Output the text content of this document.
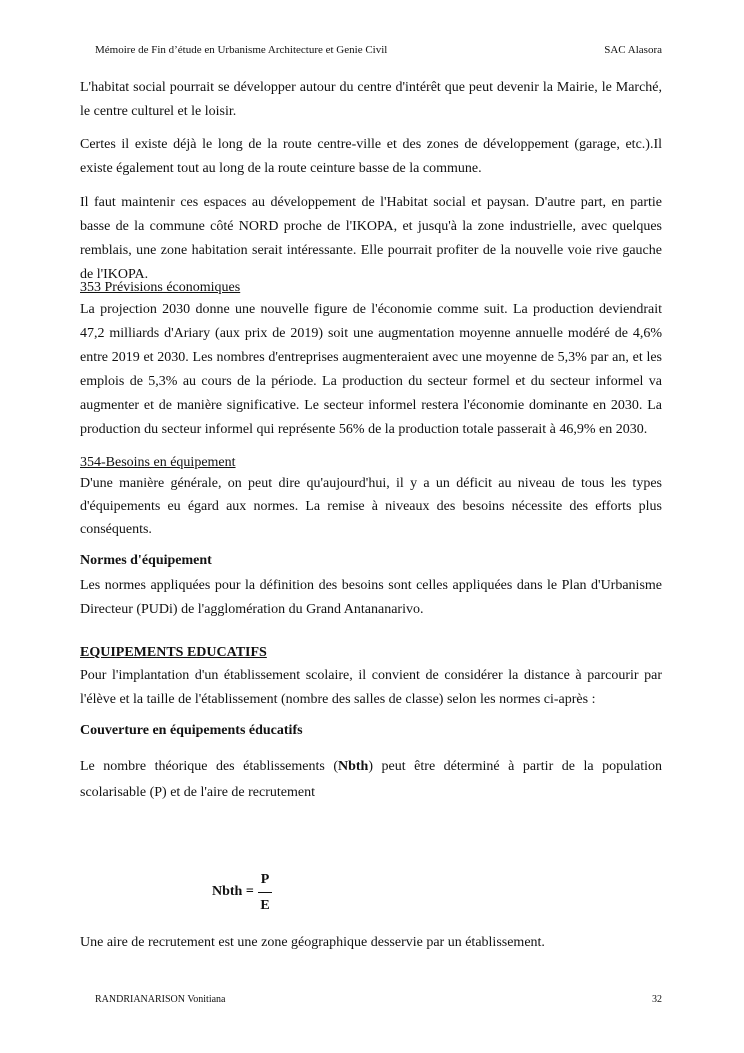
Mémoire de Fin d’étude en Urbanisme Architecture et Genie Civil	SAC Alasora

L'habitat social pourrait se développer autour du centre d'intérêt que peut devenir la Mairie, le Marché, le centre culturel et le loisir.

Certes il existe déjà le long de la route centre-ville et des zones de développement (garage, etc.).Il existe également tout au long de la route ceinture basse de la commune.

Il faut maintenir ces espaces au développement de l'Habitat social et paysan. D'autre part, en partie basse de la commune côté NORD proche de l'IKOPA, et jusqu'à la zone industrielle, avec quelques remblais, une zone habitation serait intéressante. Elle pourrait profiter de la nouvelle voie rive gauche de l'IKOPA.

353 Prévisions économiques

La projection 2030 donne une nouvelle figure de l'économie comme suit. La production deviendrait 47,2 milliards d'Ariary (aux prix de 2019) soit une augmentation moyenne annuelle modéré de 4,6% entre 2019 et 2030. Les nombres d'entreprises augmenteraient avec une moyenne de 5,3% par an, et les emplois de 5,3% au cours de la période. La production du secteur formel et du secteur informel va augmenter et de manière significative. Le secteur informel restera l'économie dominante en 2030. La production du secteur informel qui représente 56% de la production totale passerait à 46,9% en 2030.

354-Besoins en équipement

D'une manière générale, on peut dire qu'aujourd'hui, il y a un déficit au niveau de tous les types d'équipements eu égard aux normes. La remise à niveaux des besoins nécessite des efforts plus conséquents.

Normes d'équipement

Les normes appliquées pour la définition des besoins sont celles appliquées dans le Plan d'Urbanisme Directeur (PUDi) de l'agglomération du Grand Antananarivo.

EQUIPEMENTS EDUCATIFS

Pour l'implantation d'un établissement scolaire, il convient de considérer la distance à parcourir par l'élève et la taille de l'établissement (nombre des salles de classe) selon les normes ci-après :

Couverture en équipements éducatifs

Le nombre théorique des établissements (Nbth) peut être déterminé à partir de la population scolarisable (P) et de l'aire de recrutement

Nbth =
P
E

Une aire de recrutement est une zone géographique desservie par un établissement.

RANDRIANARISON Vonitiana	32
